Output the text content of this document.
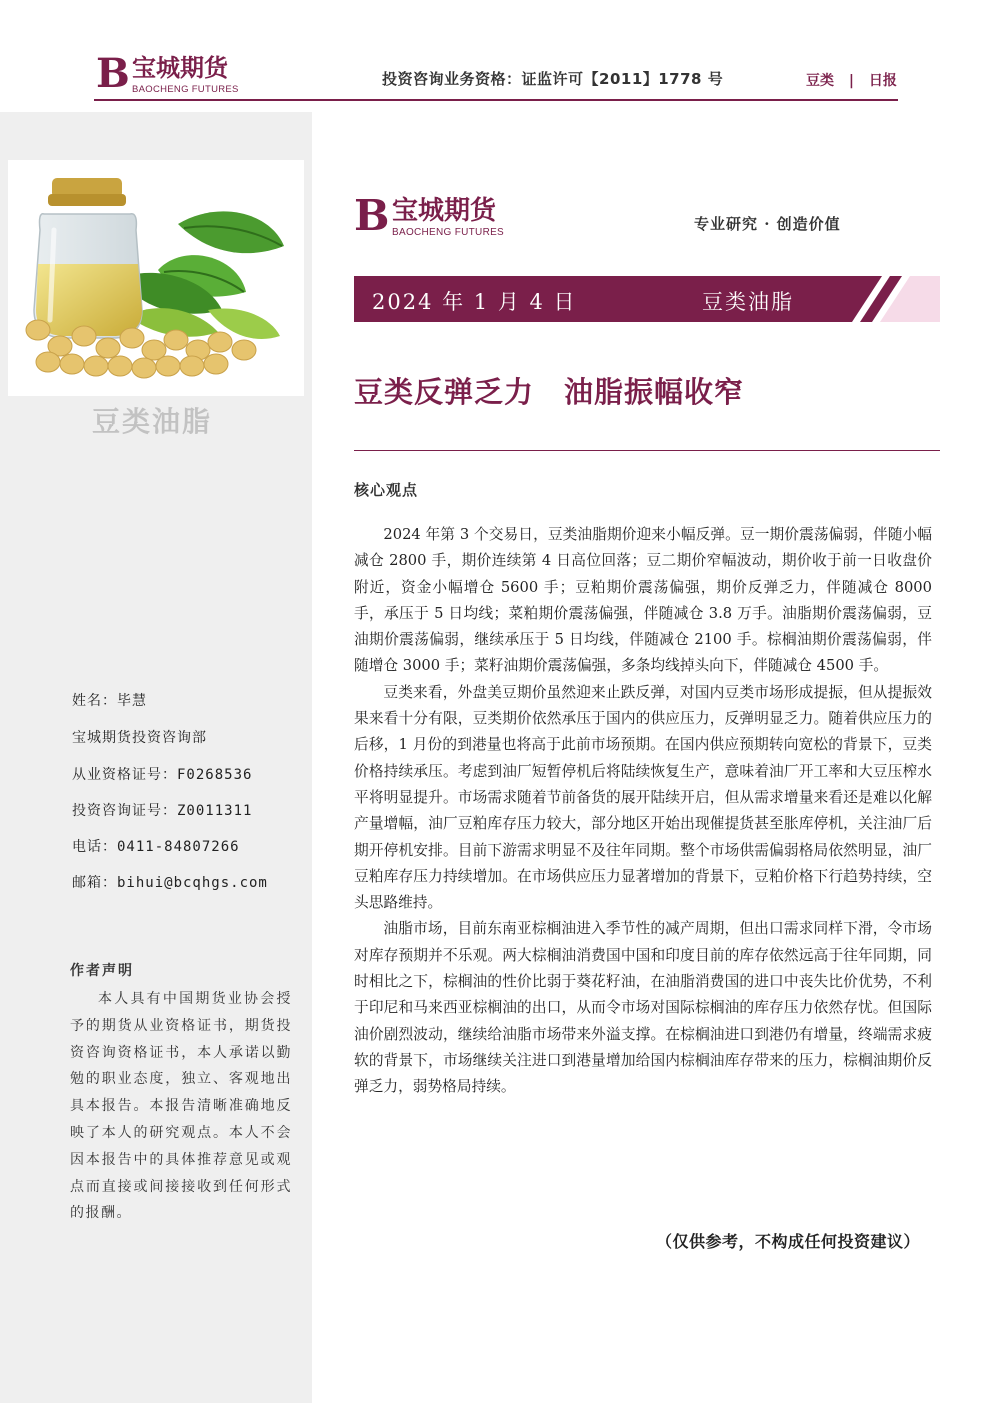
B 宝城期货
BAOCHENG FUTURES
投资咨询业务资格：证监许可【2011】1778 号	豆类 | 日报
豆类油脂
姓名：毕慧
宝城期货投资咨询部
从业资格证号：F0268536
投资咨询证号：Z0011311
电话：0411-84807266
邮箱：bihui@bcqhgs.com
作者声明
本人具有中国期货业协会授予的期货从业资格证书，期货投资咨询资格证书，本人承诺以勤勉的职业态度，独立、客观地出具本报告。本报告清晰准确地反映了本人的研究观点。本人不会因本报告中的具体推荐意见或观点而直接或间接接收到任何形式的报酬。
B 宝城期货
BAOCHENG FUTURES	专业研究 · 创造价值
2024 年 1 月 4 日	豆类油脂
豆类反弹乏力　油脂振幅收窄
核心观点

2024 年第 3 个交易日，豆类油脂期价迎来小幅反弹。豆一期价震荡偏弱，伴随小幅减仓 2800 手，期价连续第 4 日高位回落；豆二期价窄幅波动，期价收于前一日收盘价附近，资金小幅增仓 5600 手；豆粕期价震荡偏强，期价反弹乏力，伴随减仓 8000 手，承压于 5 日均线；菜粕期价震荡偏强，伴随减仓 3.8 万手。油脂期价震荡偏弱，豆油期价震荡偏弱，继续承压于 5 日均线，伴随减仓 2100 手。棕榈油期价震荡偏弱，伴随增仓 3000 手；菜籽油期价震荡偏强，多条均线掉头向下，伴随减仓 4500 手。

豆类来看，外盘美豆期价虽然迎来止跌反弹，对国内豆类市场形成提振，但从提振效果来看十分有限，豆类期价依然承压于国内的供应压力，反弹明显乏力。随着供应压力的后移，1 月份的到港量也将高于此前市场预期。在国内供应预期转向宽松的背景下，豆类价格持续承压。考虑到油厂短暂停机后将陆续恢复生产，意味着油厂开工率和大豆压榨水平将明显提升。市场需求随着节前备货的展开陆续开启，但从需求增量来看还是难以化解产量增幅，油厂豆粕库存压力较大，部分地区开始出现催提货甚至胀库停机，关注油厂后期开停机安排。目前下游需求明显不及往年同期。整个市场供需偏弱格局依然明显，油厂豆粕库存压力持续增加。在市场供应压力显著增加的背景下，豆粕价格下行趋势持续，空头思路维持。

油脂市场，目前东南亚棕榈油进入季节性的减产周期，但出口需求同样下滑，令市场对库存预期并不乐观。两大棕榈油消费国中国和印度目前的库存依然远高于往年同期，同时相比之下，棕榈油的性价比弱于葵花籽油，在油脂消费国的进口中丧失比价优势，不利于印尼和马来西亚棕榈油的出口，从而令市场对国际棕榈油的库存压力依然存忧。但国际油价剧烈波动，继续给油脂市场带来外溢支撑。在棕榈油进口到港仍有增量，终端需求疲软的背景下，市场继续关注进口到港量增加给国内棕榈油库存带来的压力，棕榈油期价反弹乏力，弱势格局持续。

（仅供参考，不构成任何投资建议）
